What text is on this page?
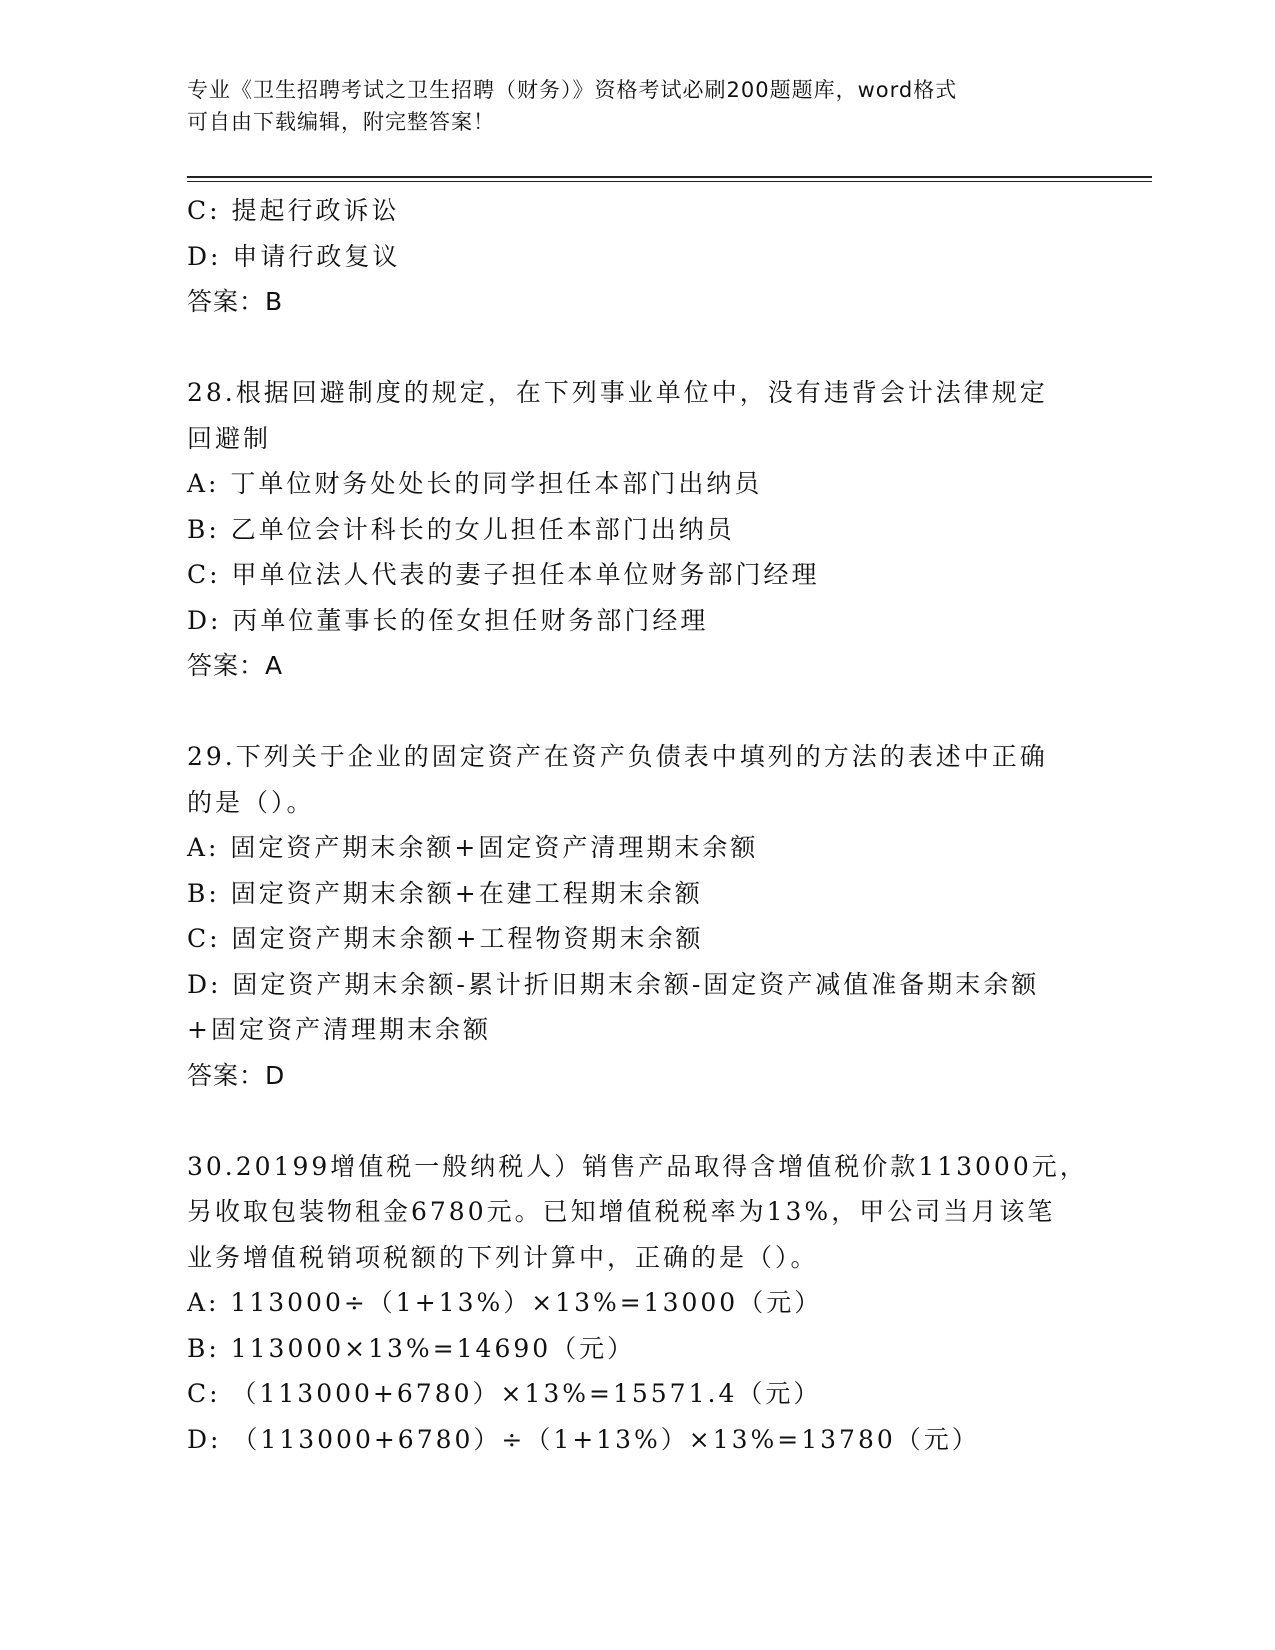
专业《卫生招聘考试之卫生招聘（财务）》资格考试必刷200题题库，word格式
可自由下载编辑，附完整答案！
C: 提起行政诉讼
D: 申请行政复议
答案：B
28.根据回避制度的规定，在下列事业单位中，没有违背会计法律规定
回避制
A: 丁单位财务处处长的同学担任本部门出纳员
B: 乙单位会计科长的女儿担任本部门出纳员
C: 甲单位法人代表的妻子担任本单位财务部门经理
D: 丙单位董事长的侄女担任财务部门经理
答案：A
29.下列关于企业的固定资产在资产负债表中填列的方法的表述中正确
的是（）。
A: 固定资产期末余额+固定资产清理期末余额
B: 固定资产期末余额+在建工程期末余额
C: 固定资产期末余额+工程物资期末余额
D: 固定资产期末余额-累计折旧期末余额-固定资产减值准备期末余额
+固定资产清理期末余额
答案：D
30.20199增值税一般纳税人）销售产品取得含增值税价款113000元，
另收取包装物租金6780元。已知增值税税率为13%，甲公司当月该笔
业务增值税销项税额的下列计算中，正确的是（）。
A: 113000÷（1+13%）×13%=13000（元）
B: 113000×13%=14690（元）
C: （113000+6780）×13%=15571.4（元）
D: （113000+6780）÷（1+13%）×13%=13780（元）
